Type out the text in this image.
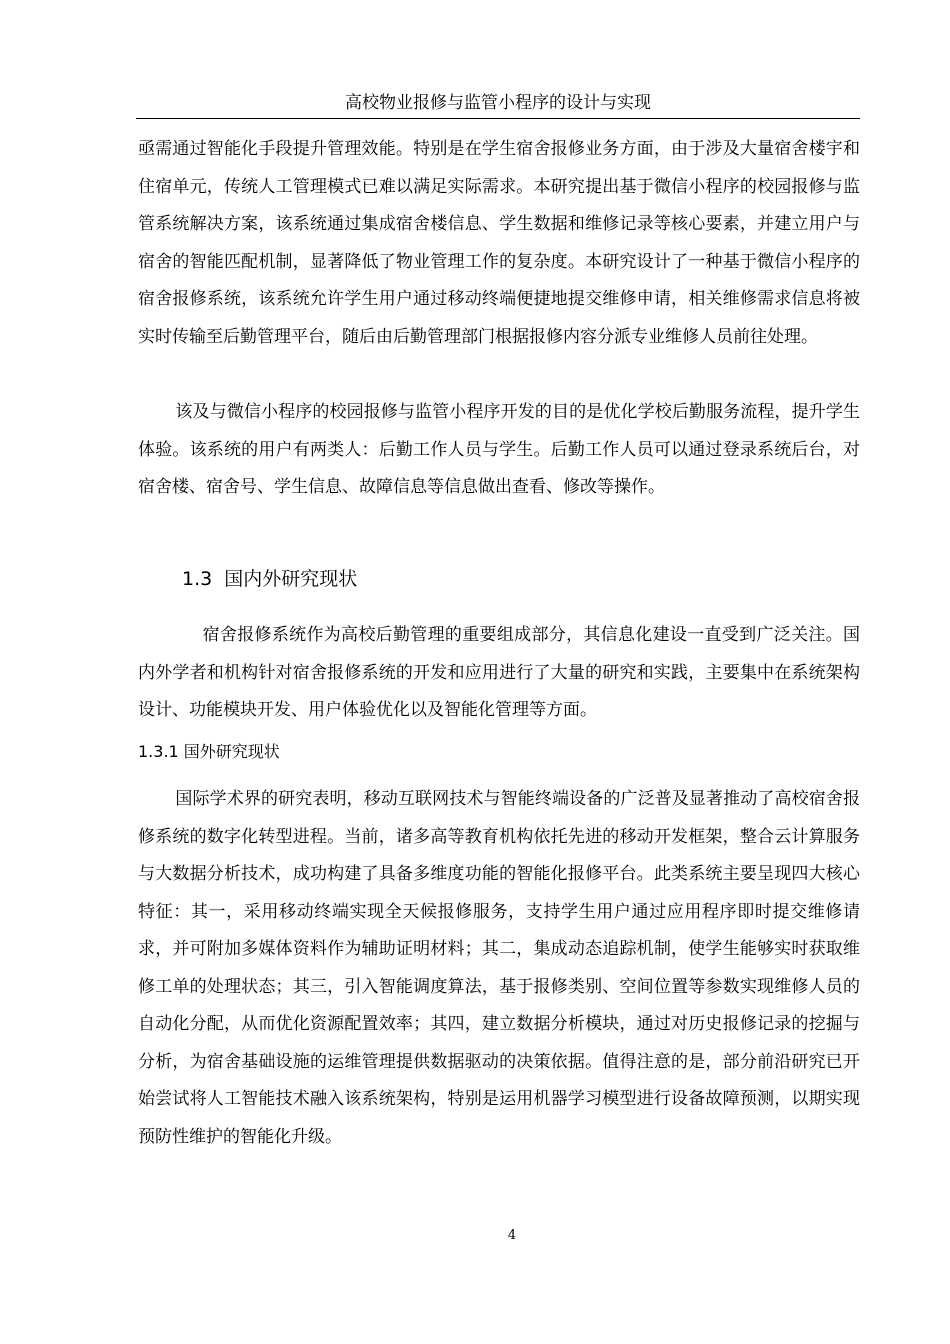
高校物业报修与监管小程序的设计与实现

亟需通过智能化手段提升管理效能。特别是在学生宿舍报修业务方面，由于涉及大量宿舍楼宇和住宿单元，传统人工管理模式已难以满足实际需求。本研究提出基于微信小程序的校园报修与监管系统解决方案，该系统通过集成宿舍楼信息、学生数据和维修记录等核心要素，并建立用户与宿舍的智能匹配机制，显著降低了物业管理工作的复杂度。本研究设计了一种基于微信小程序的宿舍报修系统，该系统允许学生用户通过移动终端便捷地提交维修申请，相关维修需求信息将被实时传输至后勤管理平台，随后由后勤管理部门根据报修内容分派专业维修人员前往处理。

该及与微信小程序的校园报修与监管小程序开发的目的是优化学校后勤服务流程，提升学生体验。该系统的用户有两类人：后勤工作人员与学生。后勤工作人员可以通过登录系统后台，对宿舍楼、宿舍号、学生信息、故障信息等信息做出查看、修改等操作。

1.3 国内外研究现状

宿舍报修系统作为高校后勤管理的重要组成部分，其信息化建设一直受到广泛关注。国内外学者和机构针对宿舍报修系统的开发和应用进行了大量的研究和实践，主要集中在系统架构设计、功能模块开发、用户体验优化以及智能化管理等方面。

1.3.1 国外研究现状

国际学术界的研究表明，移动互联网技术与智能终端设备的广泛普及显著推动了高校宿舍报修系统的数字化转型进程。当前，诸多高等教育机构依托先进的移动开发框架，整合云计算服务与大数据分析技术，成功构建了具备多维度功能的智能化报修平台。此类系统主要呈现四大核心特征：其一，采用移动终端实现全天候报修服务，支持学生用户通过应用程序即时提交维修请求，并可附加多媒体资料作为辅助证明材料；其二，集成动态追踪机制，使学生能够实时获取维修工单的处理状态；其三，引入智能调度算法，基于报修类别、空间位置等参数实现维修人员的自动化分配，从而优化资源配置效率；其四，建立数据分析模块，通过对历史报修记录的挖掘与分析，为宿舍基础设施的运维管理提供数据驱动的决策依据。值得注意的是，部分前沿研究已开始尝试将人工智能技术融入该系统架构，特别是运用机器学习模型进行设备故障预测，以期实现预防性维护的智能化升级。

4
